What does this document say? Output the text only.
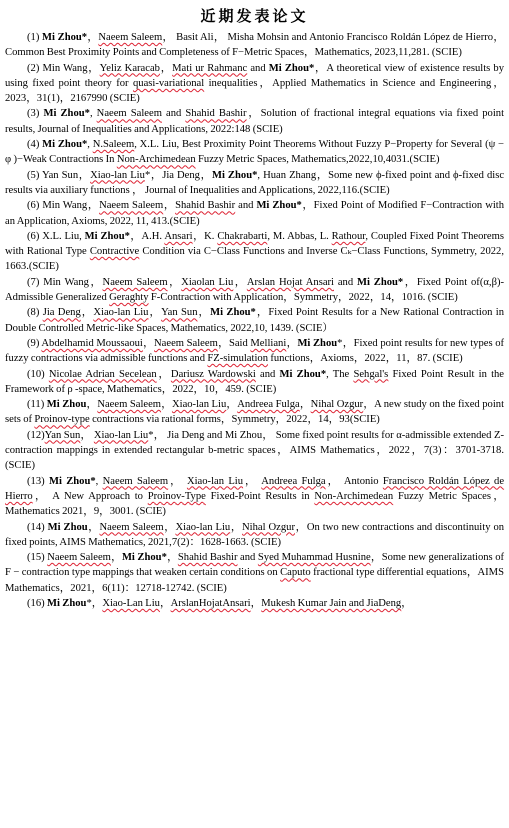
近期发表论文

(1) Mi Zhou*，Naeem Saleem， Basit Ali， Misha Mohsin and Antonio Francisco Roldán López de Hierro，Common Best Proximity Points and Completeness of F−Metric Spaces，Mathematics, 2023,11,281. (SCIE)

(2) Min Wang，Yeliz Karacab，Mati ur Rahmanc and Mi Zhou*，A theoretical view of existence results by using fixed point theory for quasi-variational inequalities，Applied Mathematics in Science and Engineering，2023，31(1)，2167990 (SCIE)

(3) Mi Zhou*, Naeem Saleem and Shahid Bashir，Solution of fractional integral equations via fixed point results, Journal of Inequalities and Applications, 2022:148 (SCIE)

(4) Mi Zhou*, N.Saleem, X.L. Liu, Best Proximity Point Theorems Without Fuzzy P−Property for Several (ψ − φ )−Weak Contractions In Non-Archimedean Fuzzy Metric Spaces, Mathematics,2022,10,4031.(SCIE)

(5) Yan Sun，Xiao-lan Liu*，Jia Deng，Mi Zhou*, Huan Zhang，Some new ϕ-fixed point and ϕ-fixed disc results via auxiliary functions ， Journal of Inequalities and Applications, 2022,116.(SCIE)

(6) Min Wang，Naeem Saleem，Shahid Bashir and Mi Zhou*，Fixed Point of Modified F−Contraction with an Application, Axioms, 2022, 11, 413.(SCIE)

(6) X.L. Liu, Mi Zhou*，A.H. Ansari，K. Chakrabarti, M. Abbas, L. Rathour, Coupled Fixed Point Theorems with Rational Type Contractive Condition via C−Class Functions and Inverse Cₖ−Class Functions, Symmetry, 2022, 1663.(SCIE)

(7) Min Wang，Naeem Saleem，Xiaolan Liu，Arslan Hojat Ansari and Mi Zhou*，Fixed Point of(α,β)-Admissible Generalized Geraghty F-Contraction with Application，Symmetry，2022，14，1016. (SCIE)

(8) Jia Deng，Xiao-lan Liu，Yan Sun，Mi Zhou*，Fixed Point Results for a New Rational Contraction in Double Controlled Metric-like Spaces, Mathematics, 2022,10, 1439. (SCIE）

(9) Abdelhamid Moussaoui，Naeem Saleem，Said Melliani，Mi Zhou*，Fixed point results for new types of fuzzy contractions via admissible functions and FZ-simulation functions，Axioms，2022，11，87. (SCIE)

(10) Nicolae Adrian Secelean，Dariusz Wardowski and Mi Zhou*, The Sehgal's Fixed Point Result in the Framework of ρ -space, Mathematics，2022，10，459. (SCIE)

(11) Mi Zhou，Naeem Saleem，Xiao-lan Liu，Andreea Fulga，Nihal Ozgur，A new study on the fixed point sets of Proinov-type contractions via rational forms，Symmetry，2022，14，93(SCIE)

(12)Yan Sun， Xiao-lan Liu*， Jia Deng and Mi Zhou， Some fixed point results for α-admissible extended Z-contraction mappings in extended rectangular b-metric spaces，AIMS Mathematics，2022，7(3)：3701-3718. (SCIE)

(13) Mi Zhou*, Naeem Saleem， Xiao-lan Liu， Andreea Fulga， Antonio Francisco Roldán López de Hierro， A New Approach to Proinov-Type Fixed-Point Results in Non-Archimedean Fuzzy Metric Spaces，Mathematics 2021，9，3001. (SCIE)

(14) Mi Zhou，Naeem Saleem，Xiao-lan Liu，Nihal Ozgur，On two new contractions and discontinuity on fixed points, AIMS Mathematics, 2021,7(2)：1628-1663. (SCIE)

(15) Naeem Saleem，Mi Zhou*，Shahid Bashir and Syed Muhammad Husnine，Some new generalizations of F − contraction type mappings that weaken certain conditions on Caputo fractional type differential equations，AIMS Mathematics，2021，6(11)：12718-12742. (SCIE)

(16) Mi Zhou*，Xiao-Lan Liu，ArslanHojatAnsari，Mukesh Kumar Jain and JiaDeng，
